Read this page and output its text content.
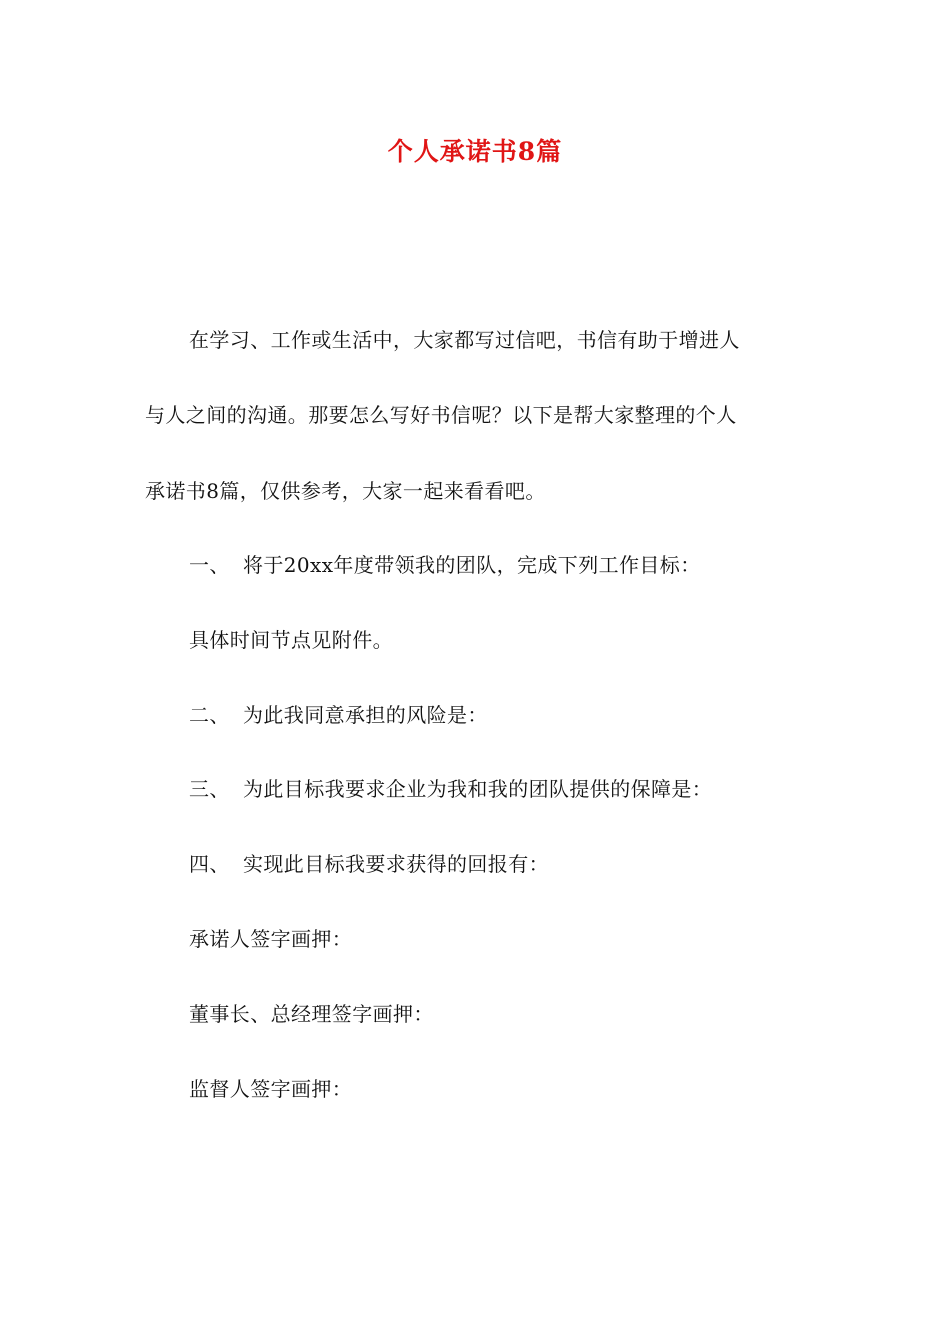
个人承诺书8篇
在学习、工作或生活中，大家都写过信吧，书信有助于增进人
与人之间的沟通。那要怎么写好书信呢？以下是帮大家整理的个人
承诺书8篇，仅供参考，大家一起来看看吧。
一、 将于20xx年度带领我的团队，完成下列工作目标：
具体时间节点见附件。
二、 为此我同意承担的风险是：
三、 为此目标我要求企业为我和我的团队提供的保障是：
四、 实现此目标我要求获得的回报有：
承诺人签字画押：
董事长、总经理签字画押：
监督人签字画押：
